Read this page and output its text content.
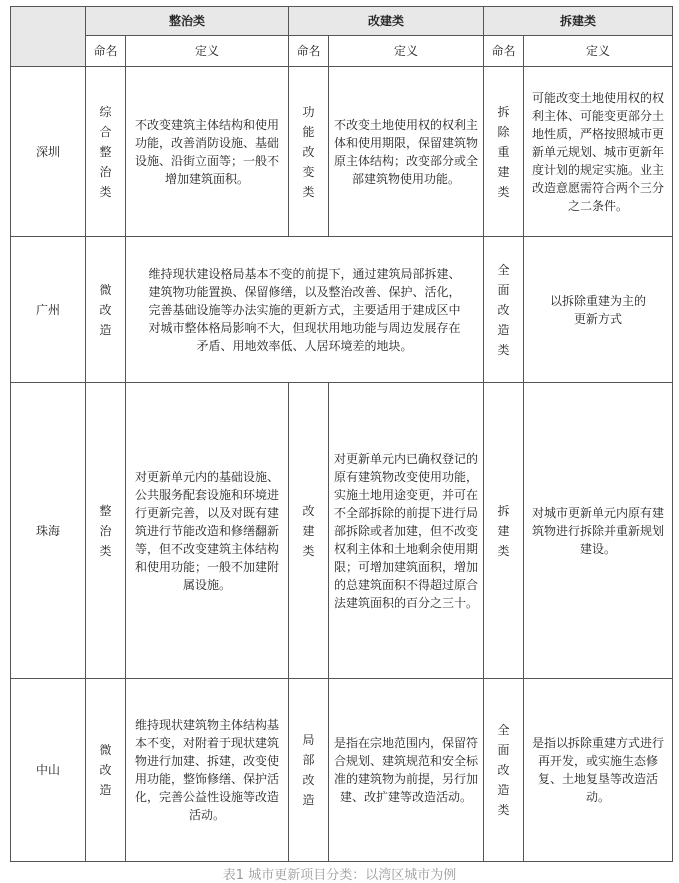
	整治类		改建类		拆建类	
	命名	定义	命名	定义	命名	定义
深圳	综合整治类	不改变建筑主体结构和使用功能，改善消防设施、基础设施、沿街立面等；一般不增加建筑面积。	功能改变类	不改变土地使用权的权利主体和使用期限，保留建筑物原主体结构；改变部分或全部建筑物使用功能。	拆除重建类	可能改变土地使用权的权利主体、可能变更部分土地性质，严格按照城市更新单元规划、城市更新年度计划的规定实施。业主改造意愿需符合两个三分之二条件。
广州	微改造	维持现状建设格局基本不变的前提下，通过建筑局部拆建、建筑物功能置换、保留修缮，以及整治改善、保护、活化，完善基础设施等办法实施的更新方式，主要适用于建成区中对城市整体格局影响不大，但现状用地功能与周边发展存在矛盾、用地效率低、人居环境差的地块。			全面改造类	以拆除重建为主的更新方式
珠海	整治类	对更新单元内的基础设施、公共服务配套设施和环境进行更新完善，以及对既有建筑进行节能改造和修缮翻新等，但不改变建筑主体结构和使用功能；一般不加建附属设施。	改建类	对更新单元内已确权登记的原有建筑物改变使用功能，实施土地用途变更，并可在不全部拆除的前提下进行局部拆除或者加建，但不改变权利主体和土地剩余使用期限；可增加建筑面积，增加的总建筑面积不得超过原合法建筑面积的百分之三十。	拆建类	对城市更新单元内原有建筑物进行拆除并重新规划建设。
中山	微改造	维持现状建筑物主体结构基本不变，对附着于现状建筑物进行加建、拆建，改变使用功能，整饰修缮、保护活化，完善公益性设施等改造活动。	局部改造	是指在宗地范围内，保留符合规划、建筑规范和安全标准的建筑物为前提，另行加建、改扩建等改造活动。	全面改造类	是指以拆除重建方式进行再开发，或实施生态修复、土地复垦等改造活动。
表1 城市更新项目分类：以湾区城市为例
